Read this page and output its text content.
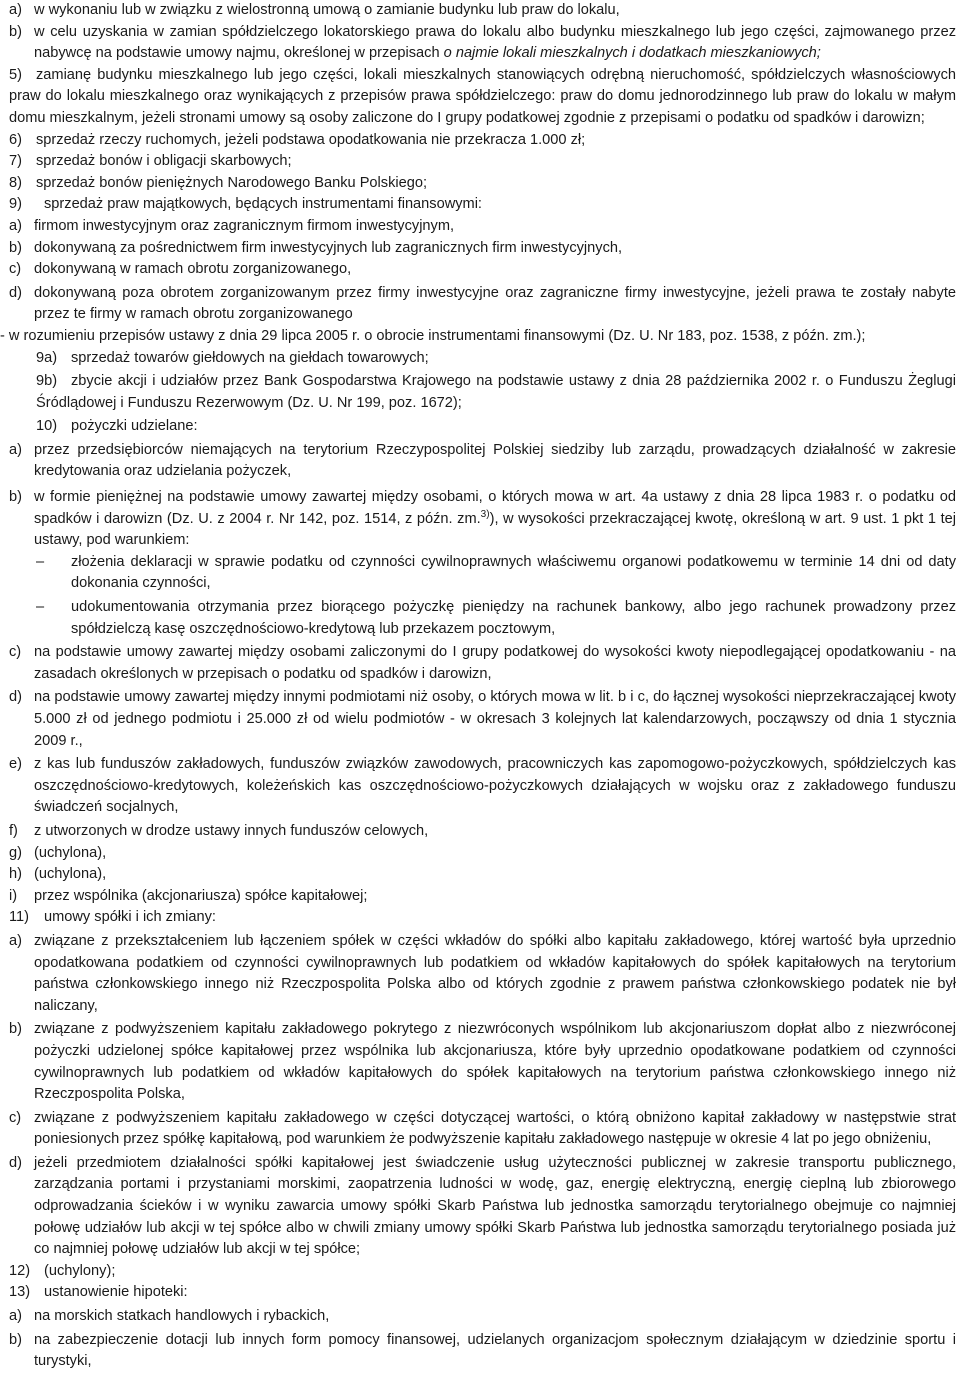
a) w wykonaniu lub w związku z wielostronną umową o zamianie budynku lub praw do lokalu,
b) w celu uzyskania w zamian spółdzielczego lokatorskiego prawa do lokalu albo budynku mieszkalnego lub jego części, zajmowanego przez nabywcę na podstawie umowy najmu, określonej w przepisach o najmie lokali mieszkalnych i dodatkach mieszkaniowych;
5) zamianę budynku mieszkalnego lub jego części, lokali mieszkalnych stanowiących odrębną nieruchomość, spółdzielczych własnościowych praw do lokalu mieszkalnego oraz wynikających z przepisów prawa spółdzielczego: praw do domu jednorodzinnego lub praw do lokalu w małym domu mieszkalnym, jeżeli stronami umowy są osoby zaliczone do I grupy podatkowej zgodnie z przepisami o podatku od spadków i darowizn;
6) sprzedaż rzeczy ruchomych, jeżeli podstawa opodatkowania nie przekracza 1.000 zł;
7) sprzedaż bonów i obligacji skarbowych;
8) sprzedaż bonów pieniężnych Narodowego Banku Polskiego;
9)	sprzedaż praw majątkowych, będących instrumentami finansowymi:
a) firmom inwestycyjnym oraz zagranicznym firmom inwestycyjnym,
b) dokonywaną za pośrednictwem firm inwestycyjnych lub zagranicznych firm inwestycyjnych,
c) dokonywaną w ramach obrotu zorganizowanego,
d) dokonywaną poza obrotem zorganizowanym przez firmy inwestycyjne oraz zagraniczne firmy inwestycyjne, jeżeli prawa te zostały nabyte przez te firmy w ramach obrotu zorganizowanego
- w rozumieniu przepisów ustawy z dnia 29 lipca 2005 r. o obrocie instrumentami finansowymi (Dz. U. Nr 183, poz. 1538, z późn. zm.);
9a) sprzedaż towarów giełdowych na giełdach towarowych;
9b) zbycie akcji i udziałów przez Bank Gospodarstwa Krajowego na podstawie ustawy z dnia 28 października 2002 r. o Funduszu Żeglugi Śródlądowej i Funduszu Rezerwowym (Dz. U. Nr 199, poz. 1672);
10) pożyczki udzielane:
a) przez przedsiębiorców niemających na terytorium Rzeczypospolitej Polskiej siedziby lub zarządu, prowadzących działalność w zakresie kredytowania oraz udzielania pożyczek,
b) w formie pieniężnej na podstawie umowy zawartej między osobami, o których mowa w art. 4a ustawy z dnia 28 lipca 1983 r. o podatku od spadków i darowizn (Dz. U. z 2004 r. Nr 142, poz. 1514, z późn. zm.$^{3)}$), w wysokości przekraczającej kwotę, określoną w art. 9 ust. 1 pkt 1 tej ustawy, pod warunkiem:
–	złożenia deklaracji w sprawie podatku od czynności cywilnoprawnych właściwemu organowi podatkowemu w terminie 14 dni od daty dokonania czynności,
–	udokumentowania otrzymania przez biorącego pożyczkę pieniędzy na rachunek bankowy, albo jego rachunek prowadzony przez spółdzielczą kasę oszczędnościowo-kredytową lub przekazem pocztowym,
c) na podstawie umowy zawartej między osobami zaliczonymi do I grupy podatkowej do wysokości kwoty niepodlegającej opodatkowaniu - na zasadach określonych w przepisach o podatku od spadków i darowizn,
d) na podstawie umowy zawartej między innymi podmiotami niż osoby, o których mowa w lit. b i c, do łącznej wysokości nieprzekraczającej kwoty 5.000 zł od jednego podmiotu i 25.000 zł od wielu podmiotów - w okresach 3 kolejnych lat kalendarzowych, począwszy od dnia 1 stycznia 2009 r.,
e) z kas lub funduszów zakładowych, funduszów związków zawodowych, pracowniczych kas zapomogowo-pożyczkowych, spółdzielczych kas oszczędnościowo-kredytowych, koleżeńskich kas oszczędnościowo-pożyczkowych działających w wojsku oraz z zakładowego funduszu świadczeń socjalnych,
f)	z utworzonych w drodze ustawy innych funduszów celowych,
g) (uchylona),
h) (uchylona),
i)	przez wspólnika (akcjonariusza) spółce kapitałowej;
11)	umowy spółki i ich zmiany:
a) związane z przekształceniem lub łączeniem spółek w części wkładów do spółki albo kapitału zakładowego, której wartość była uprzednio opodatkowana podatkiem od czynności cywilnoprawnych lub podatkiem od wkładów kapitałowych do spółek kapitałowych na terytorium państwa członkowskiego innego niż Rzeczpospolita Polska albo od których zgodnie z prawem państwa członkowskiego podatek nie był naliczany,
b) związane z podwyższeniem kapitału zakładowego pokrytego z niezwróconych wspólnikom lub akcjonariuszom dopłat albo z niezwróconej pożyczki udzielonej spółce kapitałowej przez wspólnika lub akcjonariusza, które były uprzednio opodatkowane podatkiem od czynności cywilnoprawnych lub podatkiem od wkładów kapitałowych do spółek kapitałowych na terytorium państwa członkowskiego innego niż Rzeczpospolita Polska,
c) związane z podwyższeniem kapitału zakładowego w części dotyczącej wartości, o którą obniżono kapitał zakładowy w następstwie strat poniesionych przez spółkę kapitałową, pod warunkiem że podwyższenie kapitału zakładowego następuje w okresie 4 lat po jego obniżeniu,
d) jeżeli przedmiotem działalności spółki kapitałowej jest świadczenie usług użyteczności publicznej w zakresie transportu publicznego, zarządzania portami i przystaniami morskimi, zaopatrzenia ludności w wodę, gaz, energię elektryczną, energię cieplną lub zbiorowego odprowadzania ścieków i w wyniku zawarcia umowy spółki Skarb Państwa lub jednostka samorządu terytorialnego obejmuje co najmniej połowę udziałów lub akcji w tej spółce albo w chwili zmiany umowy spółki Skarb Państwa lub jednostka samorządu terytorialnego posiada już co najmniej połowę udziałów lub akcji w tej spółce;
12) (uchylony);
13) ustanowienie hipoteki:
a) na morskich statkach handlowych i rybackich,
b) na zabezpieczenie dotacji lub innych form pomocy finansowej, udzielanych organizacjom społecznym działającym w dziedzinie sportu i turystyki,
